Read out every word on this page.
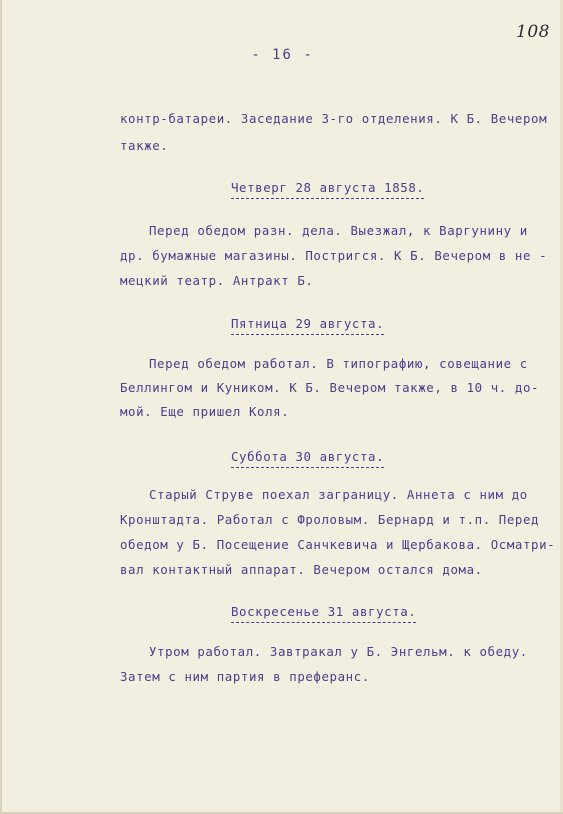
108
- 16 -
контр-батареи. Заседание 3-го отделения. К Б. Вечером
также.
Четверг 28 августа 1858.
Перед обедом разн. дела. Выезжал, к Варгунину и
др. бумажные магазины. Постригся. К Б. Вечером в не -
мецкий театр. Антракт Б.
Пятница 29 августа.
Перед обедом работал. В типографию, совещание с
Беллингом и Куником. К Б. Вечером также, в 10 ч. до-
мой. Еще пришел Коля.
Суббота 30 августа.
Старый Струве поехал заграницу. Аннета с ним до
Кронштадта. Работал с Фроловым. Бернард и т.п. Перед
обедом у Б. Посещение Санчкевича и Щербакова. Осматри-
вал контактный аппарат. Вечером остался дома.
Воскресенье 31 августа.
Утром работал. Завтракал у Б. Энгельм. к обеду.
Затем с ним партия в преферанс.
